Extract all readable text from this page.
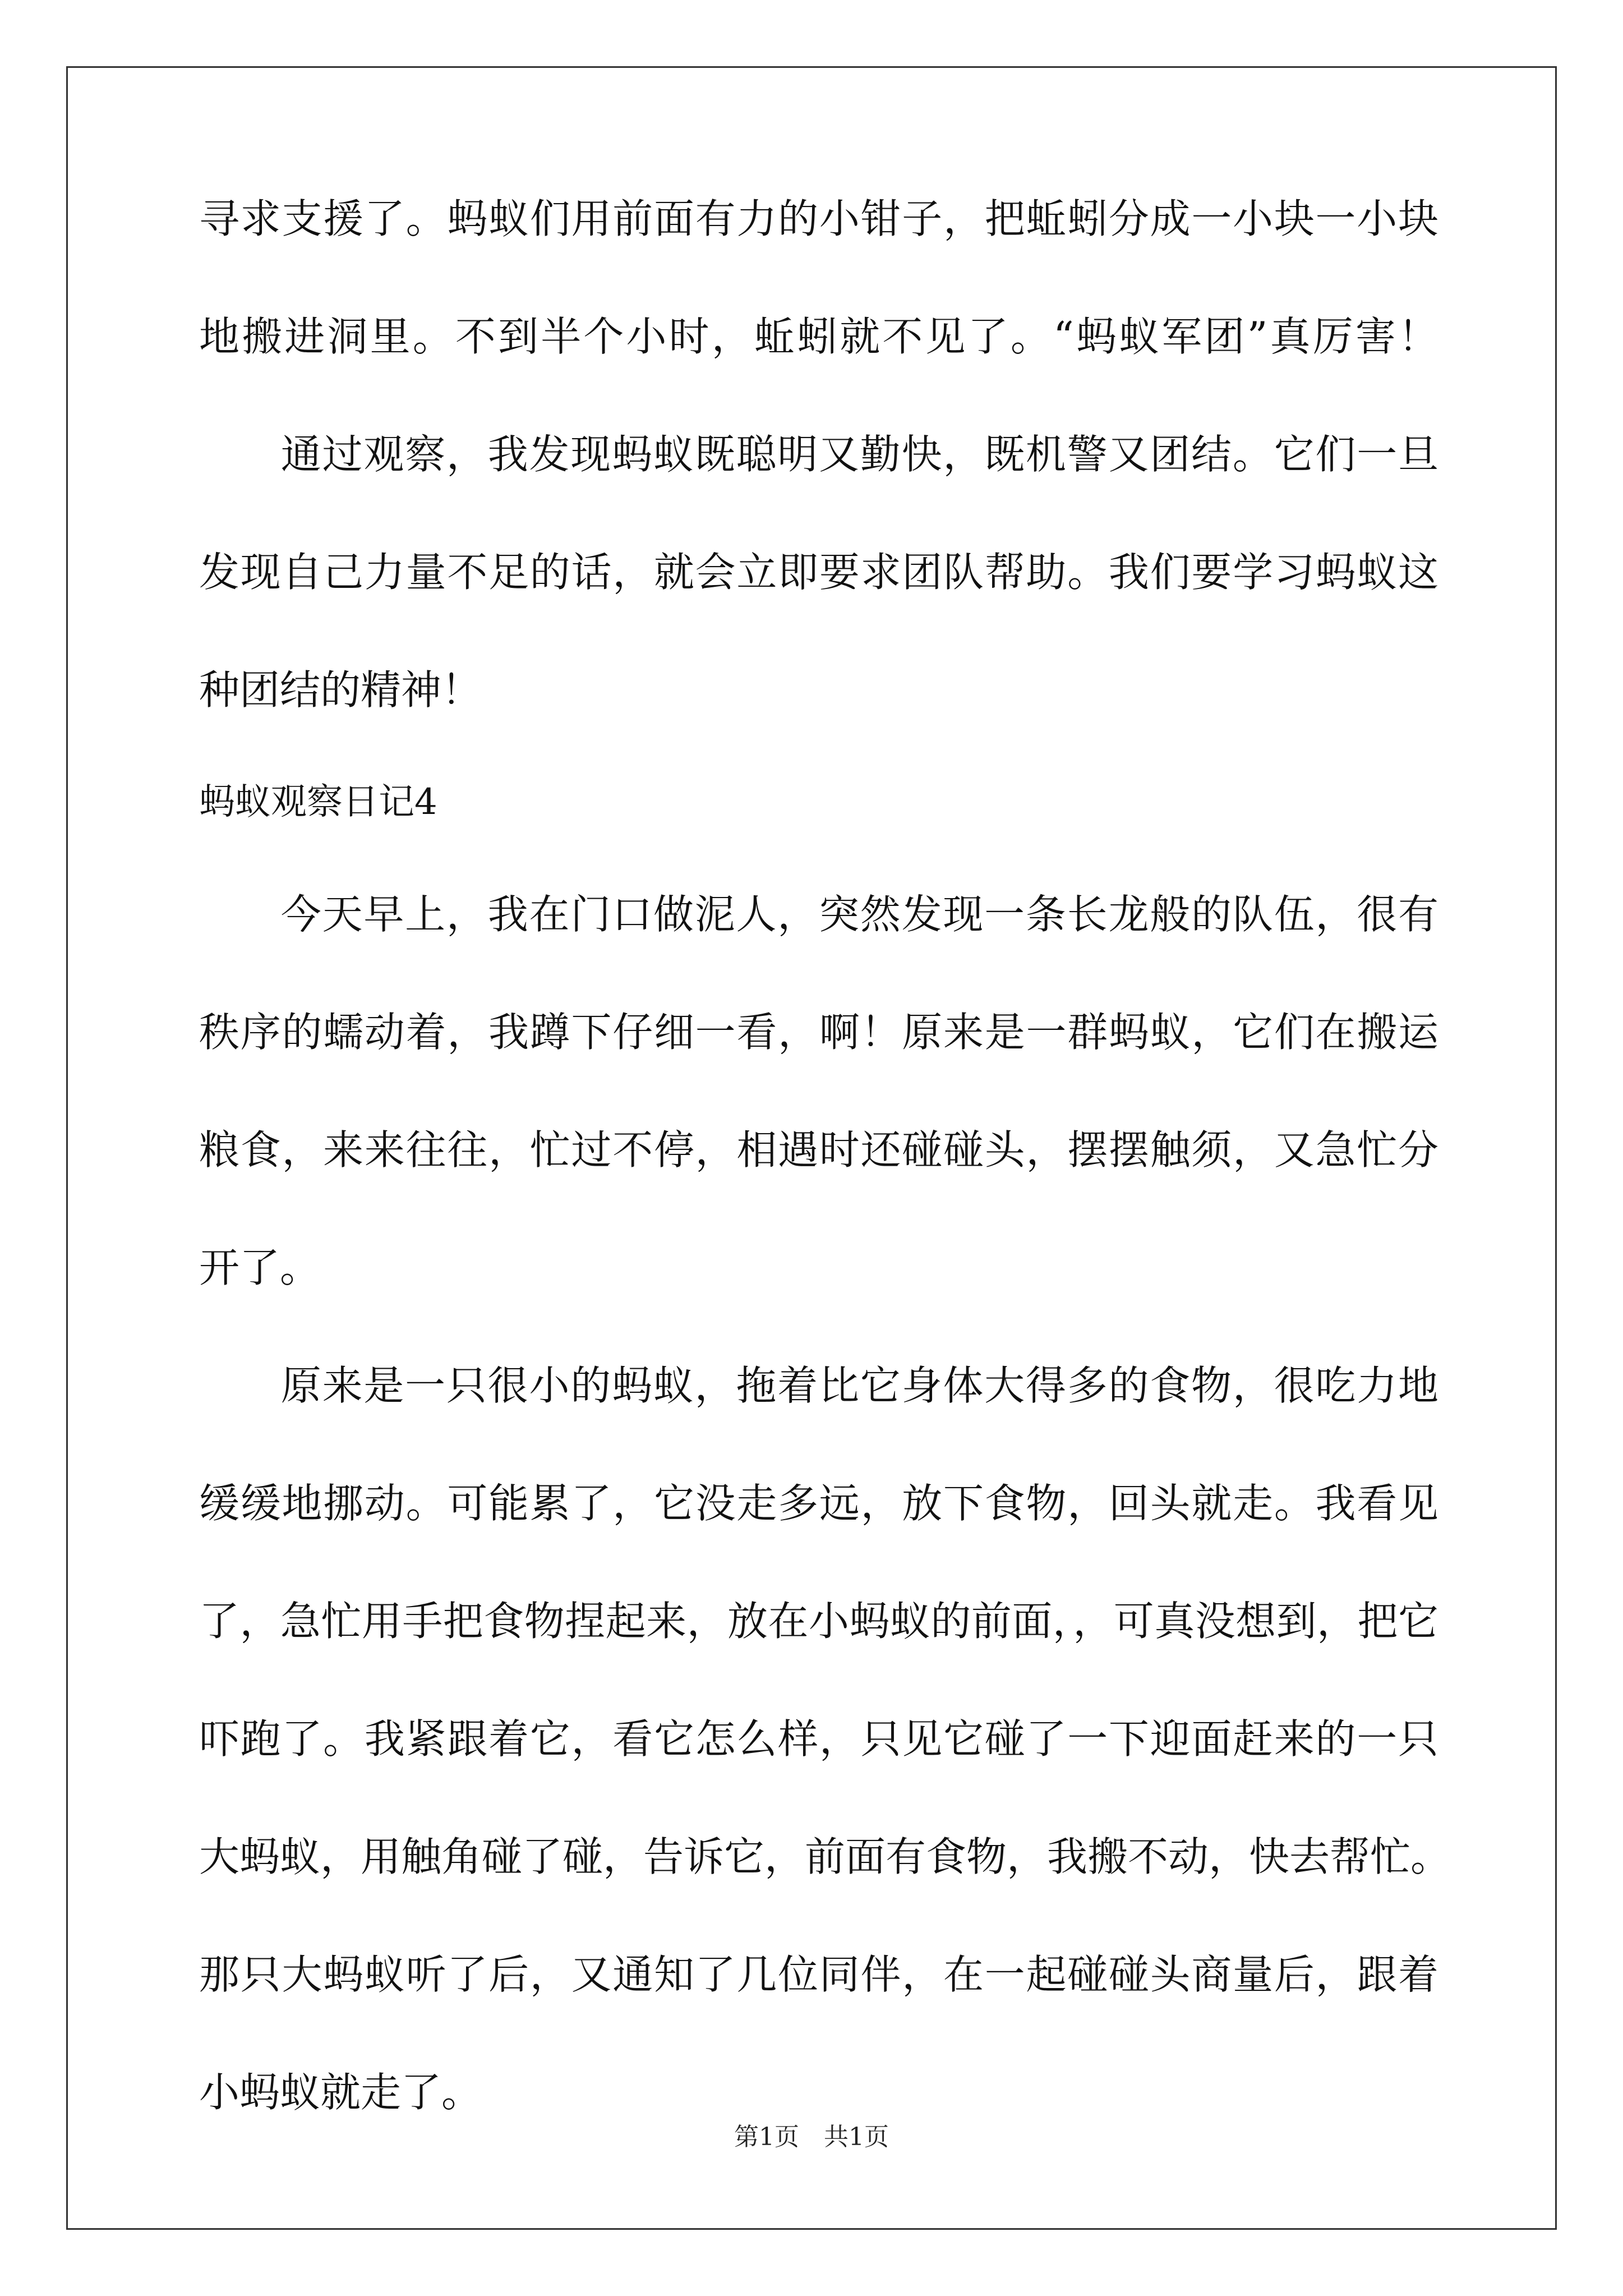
寻求支援了。蚂蚁们用前面有力的小钳子，把蚯蚓分成一小块一小块
地搬进洞里。不到半个小时，蚯蚓就不见了。“蚂蚁军团”真厉害！
通过观察，我发现蚂蚁既聪明又勤快，既机警又团结。它们一旦
发现自己力量不足的话，就会立即要求团队帮助。我们要学习蚂蚁这
种团结的精神！
蚂蚁观察日记4
今天早上，我在门口做泥人，突然发现一条长龙般的队伍，很有
秩序的蠕动着，我蹲下仔细一看，啊！原来是一群蚂蚁，它们在搬运
粮食，来来往往，忙过不停，相遇时还碰碰头，摆摆触须，又急忙分
开了。
原来是一只很小的蚂蚁，拖着比它身体大得多的食物，很吃力地
缓缓地挪动。可能累了，它没走多远，放下食物，回头就走。我看见
了，急忙用手把食物捏起来，放在小蚂蚁的前面，，可真没想到，把它
吓跑了。我紧跟着它，看它怎么样，只见它碰了一下迎面赶来的一只
大蚂蚁，用触角碰了碰，告诉它，前面有食物，我搬不动，快去帮忙。
那只大蚂蚁听了后，又通知了几位同伴，在一起碰碰头商量后，跟着
小蚂蚁就走了。
第1页　共1页
